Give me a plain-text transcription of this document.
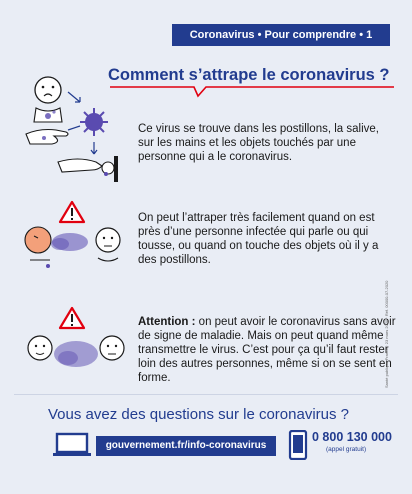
Coronavirus • Pour comprendre • 1
Comment s’attrape le coronavirus ?
Ce virus se trouve dans les postillons, la salive, sur les mains et les objets touchés par une personne qui a le coronavirus.
On peut l’attraper très facilement quand on est près d’une personne infectée qui parle ou qui tousse, ou quand on touche des objets où il y a des postillons.
Attention : on peut avoir le coronavirus sans avoir de signe de maladie. Mais on peut quand même transmettre le virus. C’est pour ça qu’il faut rester loin des autres personnes, même si on se sent en forme.	Santé publique France · 23 mars 2020 · Réf. 00000-07-2020
Vous avez des questions sur le coronavirus ?
gouvernement.fr/info-coronavirus
0 800 130 000
(appel gratuit)
